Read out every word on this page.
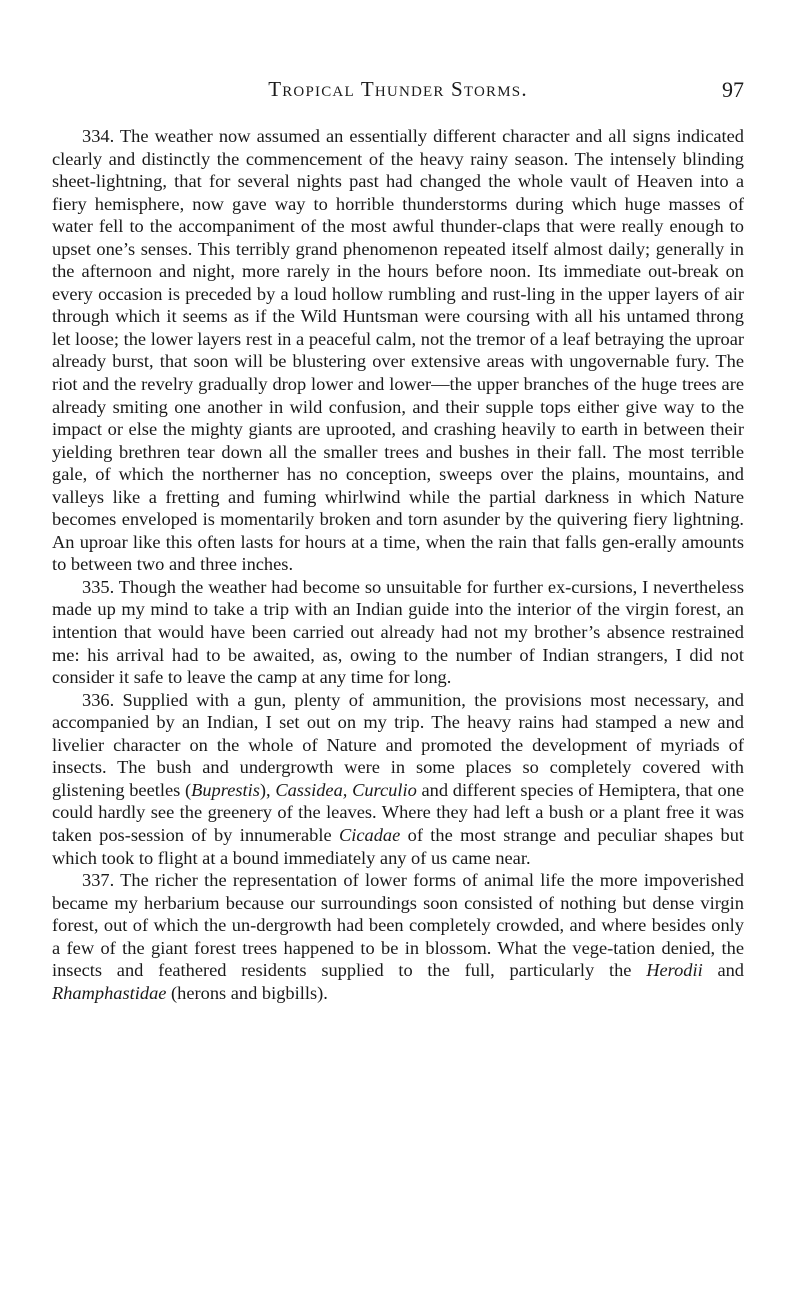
Tropical Thunder Storms.	97

334. The weather now assumed an essentially different character and all signs indicated clearly and distinctly the commencement of the heavy rainy season. The intensely blinding sheet-lightning, that for several nights past had changed the whole vault of Heaven into a fiery hemisphere, now gave way to horrible thunderstorms during which huge masses of water fell to the accompaniment of the most awful thunder-claps that were really enough to upset one’s senses. This terribly grand phenomenon repeated itself almost daily; generally in the afternoon and night, more rarely in the hours before noon. Its immediate out-break on every occasion is preceded by a loud hollow rumbling and rust-ling in the upper layers of air through which it seems as if the Wild Huntsman were coursing with all his untamed throng let loose; the lower layers rest in a peaceful calm, not the tremor of a leaf betraying the uproar already burst, that soon will be blustering over extensive areas with ungovernable fury. The riot and the revelry gradually drop lower and lower—the upper branches of the huge trees are already smiting one another in wild confusion, and their supple tops either give way to the impact or else the mighty giants are uprooted, and crashing heavily to earth in between their yielding brethren tear down all the smaller trees and bushes in their fall. The most terrible gale, of which the northerner has no conception, sweeps over the plains, mountains, and valleys like a fretting and fuming whirlwind while the partial darkness in which Nature becomes enveloped is momentarily broken and torn asunder by the quivering fiery lightning. An uproar like this often lasts for hours at a time, when the rain that falls gen-erally amounts to between two and three inches.

335. Though the weather had become so unsuitable for further ex-cursions, I nevertheless made up my mind to take a trip with an Indian guide into the interior of the virgin forest, an intention that would have been carried out already had not my brother’s absence restrained me: his arrival had to be awaited, as, owing to the number of Indian strangers, I did not consider it safe to leave the camp at any time for long.

336. Supplied with a gun, plenty of ammunition, the provisions most necessary, and accompanied by an Indian, I set out on my trip. The heavy rains had stamped a new and livelier character on the whole of Nature and promoted the development of myriads of insects. The bush and undergrowth were in some places so completely covered with glistening beetles (Buprestis), Cassidea, Curculio and different species of Hemiptera, that one could hardly see the greenery of the leaves. Where they had left a bush or a plant free it was taken pos-session of by innumerable Cicadae of the most strange and peculiar shapes but which took to flight at a bound immediately any of us came near.

337. The richer the representation of lower forms of animal life the more impoverished became my herbarium because our surroundings soon consisted of nothing but dense virgin forest, out of which the un-dergrowth had been completely crowded, and where besides only a few of the giant forest trees happened to be in blossom. What the vege-tation denied, the insects and feathered residents supplied to the full, particularly the Herodii and Rhamphastidae (herons and bigbills).
